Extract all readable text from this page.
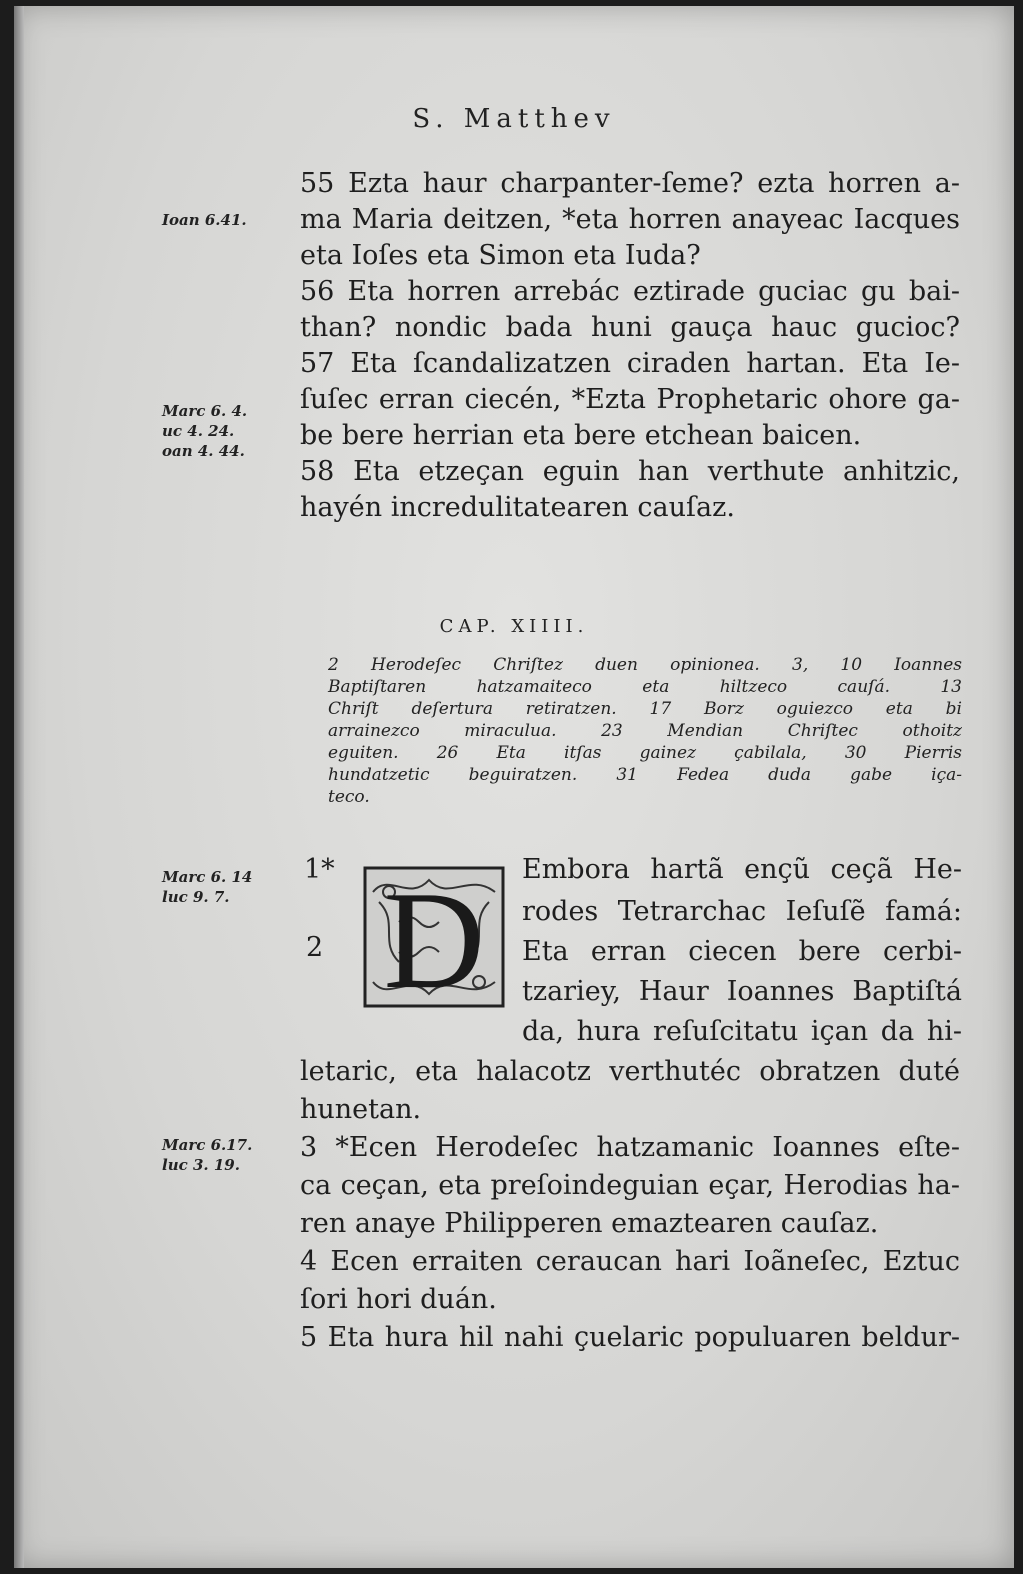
S. Matthev
55 Ezta haur charpanter-ſeme? ezta horren a-
ma Maria deitzen, *eta horren anayeac Iacques
eta Ioſes eta Simon eta Iuda?
56 Eta horren arrebác eztirade guciac gu bai-
than? nondic bada huni gauça hauc gucioc?
57 Eta ſcandalizatzen ciraden hartan. Eta Ie-
ſuſec erran ciecén, *Ezta Prophetaric ohore ga-
be bere herrian eta bere etchean baicen.
58 Eta etzeçan eguin han verthute anhitzic,
hayén incredulitatearen cauſaz.
Ioan 6.41.
Marc 6. 4.
uc 4. 24.
oan 4. 44.
Marc 6. 14
luc 9. 7.
Marc 6.17.
luc 3. 19.
CAP. XIIII.
2 Herodeſec Chriſtez duen opinionea. 3, 10 Ioannes
Baptiſtaren hatzamaiteco eta hiltzeco cauſá. 13
Chriſt deſertura retiratzen. 17 Borz oguiezco eta bi
arrainezco miraculua. 23 Mendian Chriſtec othoitz
eguiten. 26 Eta itſas gainez çabilala, 30 Pierris
hundatzetic beguiratzen. 31 Fedea duda gabe iça-
teco.
1*
2 D Embora hartã ençũ ceçã He-
rodes Tetrarchac Ieſuſẽ famá:
Eta erran ciecen bere cerbi-
tzariey, Haur Ioannes Baptiſtá
da, hura reſuſcitatu içan da hi-
letaric, eta halacotz verthutéc obratzen duté
hunetan.
3 *Ecen Herodeſec hatzamanic Ioannes eſte-
ca ceçan, eta preſoindeguian eçar, Herodias ha-
ren anaye Philipperen emaztearen cauſaz.
4 Ecen erraiten ceraucan hari Ioãneſec, Eztuc
ſori hori duán.
5 Eta hura hil nahi çuelaric populuaren beldur-
